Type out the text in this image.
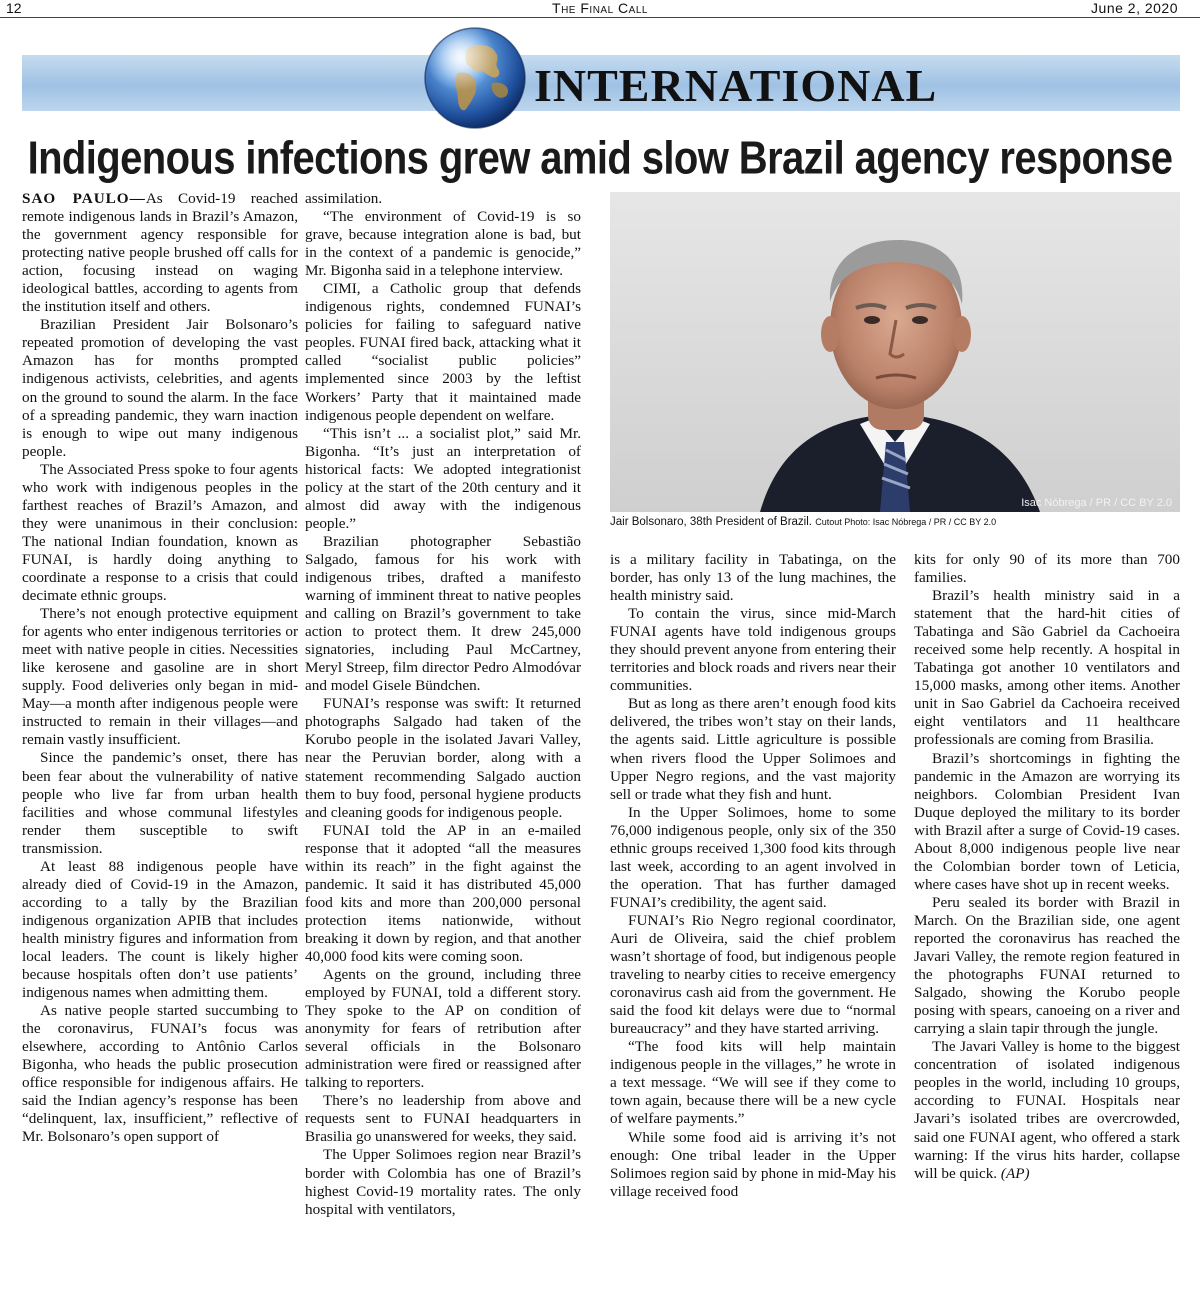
12	The Final Call	June 2, 2020
INTERNATIONAL
Indigenous infections grew amid slow Brazil agency response

SAO PAULO—As Covid-19 reached remote indigenous lands in Brazil’s Amazon, the government agency responsible for protecting native people brushed off calls for action, focusing instead on waging ideological battles, according to agents from the institution itself and others.

Brazilian President Jair Bolsonaro’s repeated promotion of developing the vast Amazon has for months prompted indigenous activists, celebrities, and agents on the ground to sound the alarm. In the face of a spreading pandemic, they warn inaction is enough to wipe out many indigenous people.

The Associated Press spoke to four agents who work with indigenous peoples in the farthest reaches of Brazil’s Amazon, and they were unanimous in their conclusion: The national Indian foundation, known as FUNAI, is hardly doing anything to coordinate a response to a crisis that could decimate ethnic groups.

There’s not enough protective equipment for agents who enter indigenous territories or meet with native people in cities. Necessities like kerosene and gasoline are in short supply. Food deliveries only began in mid-May—a month after indigenous people were instructed to remain in their villages—and remain vastly insufficient.

Since the pandemic’s onset, there has been fear about the vulnerability of native people who live far from urban health facilities and whose communal lifestyles render them susceptible to swift transmission.

At least 88 indigenous people have already died of Covid-19 in the Amazon, according to a tally by the Brazilian indigenous organization APIB that includes health ministry figures and information from local leaders. The count is likely higher because hospitals often don’t use patients’ indigenous names when admitting them.

As native people started succumbing to the coronavirus, FUNAI’s focus was elsewhere, according to Antônio Carlos Bigonha, who heads the public prosecution office responsible for indigenous affairs. He said the Indian agency’s response has been “delinquent, lax, insufficient,” reflective of Mr. Bolsonaro’s open support of

assimilation.

“The environment of Covid-19 is so grave, because integration alone is bad, but in the context of a pandemic is genocide,” Mr. Bigonha said in a telephone interview.

CIMI, a Catholic group that defends indigenous rights, condemned FUNAI’s policies for failing to safeguard native peoples. FUNAI fired back, attacking what it called “socialist public policies” implemented since 2003 by the leftist Workers’ Party that it maintained made indigenous people dependent on welfare.

“This isn’t ... a socialist plot,” said Mr. Bigonha. “It’s just an interpretation of historical facts: We adopted integrationist policy at the start of the 20th century and it almost did away with the indigenous people.”

Brazilian photographer Sebastião Salgado, famous for his work with indigenous tribes, drafted a manifesto warning of imminent threat to native peoples and calling on Brazil’s government to take action to protect them. It drew 245,000 signatories, including Paul McCartney, Meryl Streep, film director Pedro Almodóvar and model Gisele Bündchen.

FUNAI’s response was swift: It returned photographs Salgado had taken of the Korubo people in the isolated Javari Valley, near the Peruvian border, along with a statement recommending Salgado auction them to buy food, personal hygiene products and cleaning goods for indigenous people.

FUNAI told the AP in an e-mailed response that it adopted “all the measures within its reach” in the fight against the pandemic. It said it has distributed 45,000 food kits and more than 200,000 personal protection items nationwide, without breaking it down by region, and that another 40,000 food kits were coming soon.

Agents on the ground, including three employed by FUNAI, told a different story. They spoke to the AP on condition of anonymity for fears of retribution after several officials in the Bolsonaro administration were fired or reassigned after talking to reporters.

There’s no leadership from above and requests sent to FUNAI headquarters in Brasilia go unanswered for weeks, they said.

The Upper Solimoes region near Brazil’s border with Colombia has one of Brazil’s highest Covid-19 mortality rates. The only hospital with ventilators,

Isac Nóbrega / PR / CC BY 2.0
Jair Bolsonaro, 38th President of Brazil. Cutout Photo: Isac Nóbrega / PR / CC BY 2.0

is a military facility in Tabatinga, on the border, has only 13 of the lung machines, the health ministry said.

To contain the virus, since mid-March FUNAI agents have told indigenous groups they should prevent anyone from entering their territories and block roads and rivers near their communities.

But as long as there aren’t enough food kits delivered, the tribes won’t stay on their lands, the agents said. Little agriculture is possible when rivers flood the Upper Solimoes and Upper Negro regions, and the vast majority sell or trade what they fish and hunt.

In the Upper Solimoes, home to some 76,000 indigenous people, only six of the 350 ethnic groups received 1,300 food kits through last week, according to an agent involved in the operation. That has further damaged FUNAI’s credibility, the agent said.

FUNAI’s Rio Negro regional coordinator, Auri de Oliveira, said the chief problem wasn’t shortage of food, but indigenous people traveling to nearby cities to receive emergency coronavirus cash aid from the government. He said the food kit delays were due to “normal bureaucracy” and they have started arriving.

“The food kits will help maintain indigenous people in the villages,” he wrote in a text message. “We will see if they come to town again, because there will be a new cycle of welfare payments.”

While some food aid is arriving it’s not enough: One tribal leader in the Upper Solimoes region said by phone in mid-May his village received food

kits for only 90 of its more than 700 families.

Brazil’s health ministry said in a statement that the hard-hit cities of Tabatinga and São Gabriel da Cachoeira received some help recently. A hospital in Tabatinga got another 10 ventilators and 15,000 masks, among other items. Another unit in Sao Gabriel da Cachoeira received eight ventilators and 11 healthcare professionals are coming from Brasilia.

Brazil’s shortcomings in fighting the pandemic in the Amazon are worrying its neighbors. Colombian President Ivan Duque deployed the military to its border with Brazil after a surge of Covid-19 cases. About 8,000 indigenous people live near the Colombian border town of Leticia, where cases have shot up in recent weeks.

Peru sealed its border with Brazil in March. On the Brazilian side, one agent reported the coronavirus has reached the Javari Valley, the remote region featured in the photographs FUNAI returned to Salgado, showing the Korubo people posing with spears, canoeing on a river and carrying a slain tapir through the jungle.

The Javari Valley is home to the biggest concentration of isolated indigenous peoples in the world, including 10 groups, according to FUNAI. Hospitals near Javari’s isolated tribes are overcrowded, said one FUNAI agent, who offered a stark warning: If the virus hits harder, collapse will be quick. (AP)
